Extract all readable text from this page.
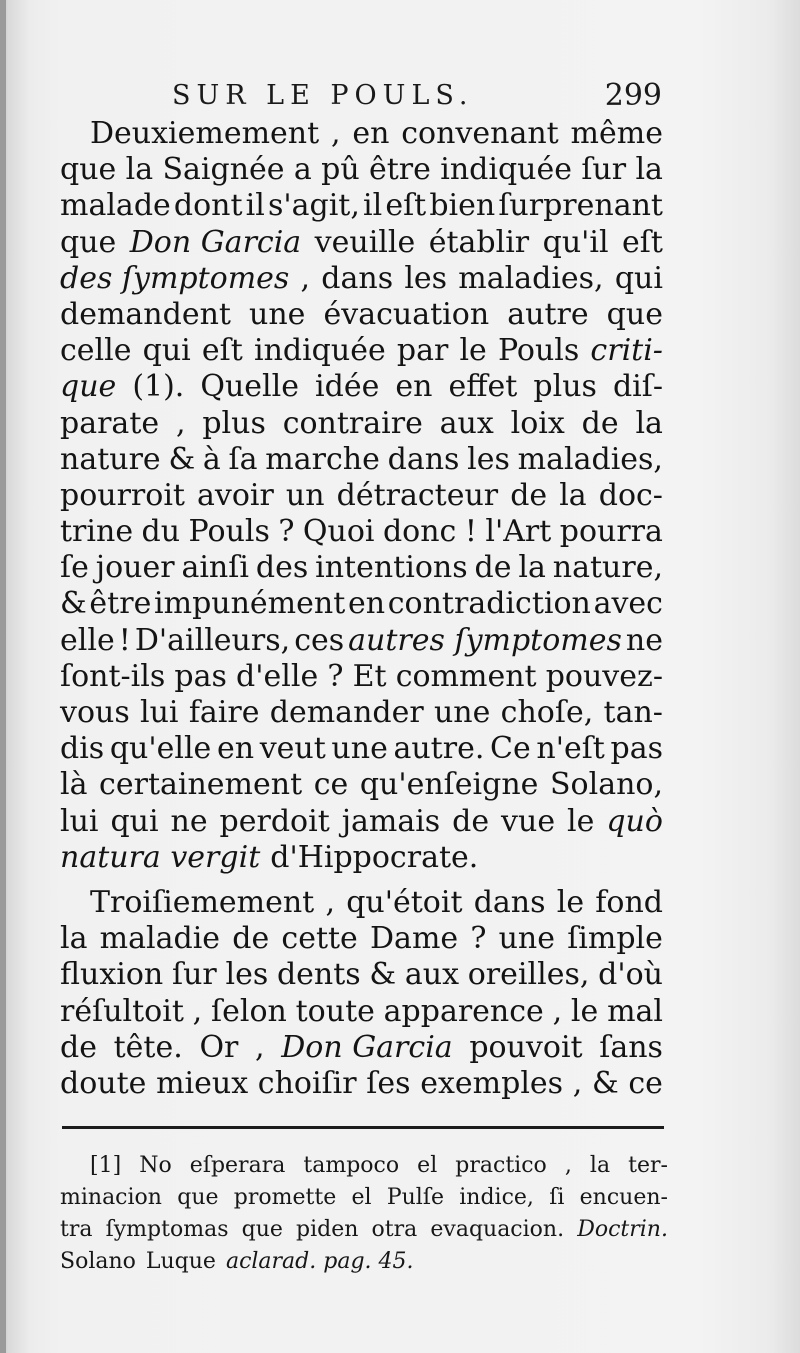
SUR LE POULS.	299
Deuxiemement , en convenant même
que la Saignée a pû être indiquée ſur la
malade dont il s'agit, il eſt bien ſurprenant
que Don Garcia veuille établir qu'il eſt
des ſymptomes , dans les maladies, qui
demandent une évacuation autre que
celle qui eſt indiquée par le Pouls criti-
que (1). Quelle idée en effet plus diſ-
parate , plus contraire aux loix de la
nature & à ſa marche dans les maladies,
pourroit avoir un détracteur de la doc-
trine du Pouls ? Quoi donc ! l'Art pourra
ſe jouer ainſi des intentions de la nature,
& être impunément en contradiction avec
elle ! D'ailleurs, ces autres ſymptomes ne
ſont-ils pas d'elle ? Et comment pouvez-
vous lui faire demander une choſe, tan-
dis qu'elle en veut une autre. Ce n'eſt pas
là certainement ce qu'enſeigne Solano,
lui qui ne perdoit jamais de vue le quò
natura vergit d'Hippocrate.
Troiſiemement , qu'étoit dans le fond
la maladie de cette Dame ? une ſimple
fluxion ſur les dents & aux oreilles, d'où
réſultoit , ſelon toute apparence , le mal
de tête. Or , Don Garcia pouvoit ſans
doute mieux choiſir ſes exemples , & ce
[1] No eſperara tampoco el practico , la ter-
minacion que promette el Pulſe indice, ſi encuen-
tra ſymptomas que piden otra evaquacion. Doctrin.
Solano Luque aclarad. pag. 45.
